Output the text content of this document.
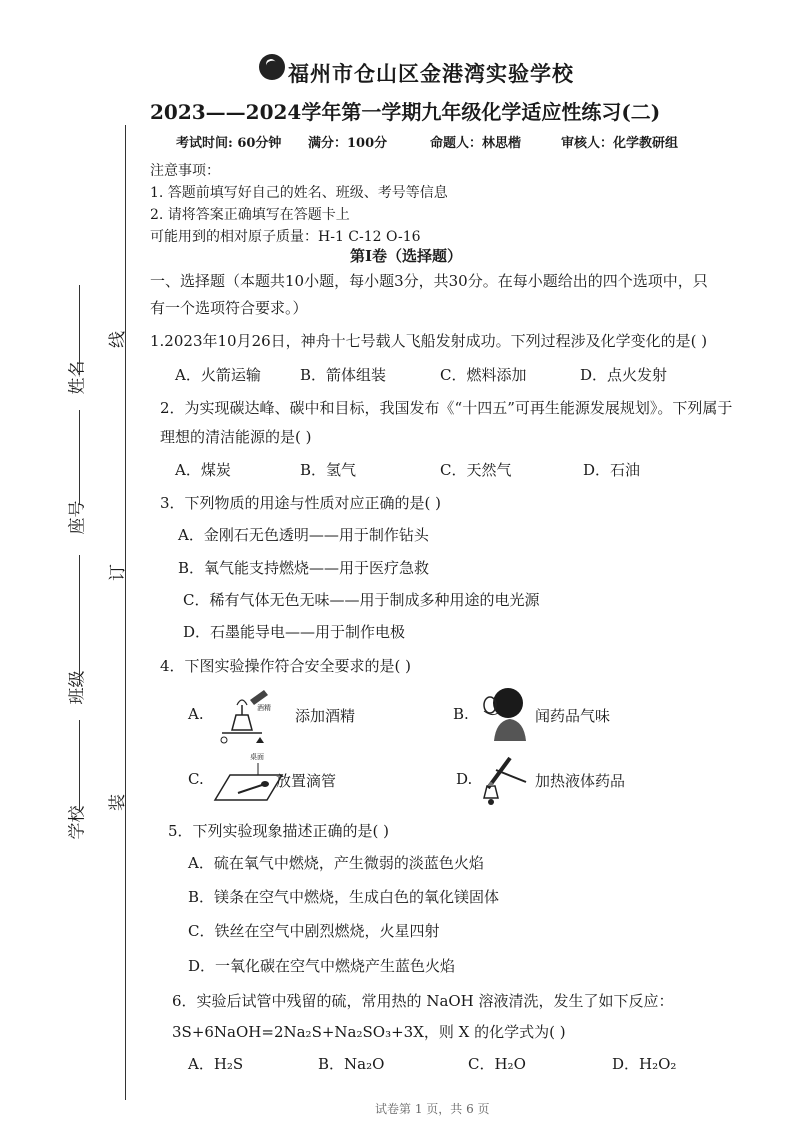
福州市仓山区金港湾实验学校
2023——2024学年第一学期九年级化学适应性练习(二)
考试时间: 60分钟 满分：100分	命题人：林思楷	审核人：化学教研组
注意事项：
1. 答题前填写好自己的姓名、班级、考号等信息
2. 请将答案正确填写在答题卡上
可能用到的相对原子质量：H-1 C-12 O-16
第Ⅰ卷（选择题）
一、选择题（本题共10小题，每小题3分，共30分。在每小题给出的四个选项中，只
有一个选项符合要求。）
姓名
座号
班级
学校
线
订
装
1.2023年10月26日，神舟十七号载人飞船发射成功。下列过程涉及化学变化的是( )
A．火箭运输	B．箭体组装	C．燃料添加	D．点火发射
2．为实现碳达峰、碳中和目标，我国发布《“十四五”可再生能源发展规划》。下列属于
理想的清洁能源的是( )
A．煤炭	B．氢气	C．天然气	D．石油
3．下列物质的用途与性质对应正确的是( )
A．金刚石无色透明——用于制作钻头
B．氧气能支持燃烧——用于医疗急救
C．稀有气体无色无味——用于制成多种用途的电光源
D．石墨能导电——用于制作电极
4．下图实验操作符合安全要求的是( )
A.	酒精 添加酒精	B.	闻药品气味
C.
桌面
放置滴管	D.	加热液体药品
5．下列实验现象描述正确的是( )
A．硫在氧气中燃烧，产生微弱的淡蓝色火焰
B．镁条在空气中燃烧，生成白色的氧化镁固体
C．铁丝在空气中剧烈燃烧，火星四射
D．一氧化碳在空气中燃烧产生蓝色火焰
6．实验后试管中残留的硫，常用热的 NaOH 溶液清洗，发生了如下反应：
3S+6NaOH=2Na₂S+Na₂SO₃+3X，则 X 的化学式为( )
A．H₂S	B．Na₂O	C．H₂O	D．H₂O₂
试卷第 1 页，共 6 页
